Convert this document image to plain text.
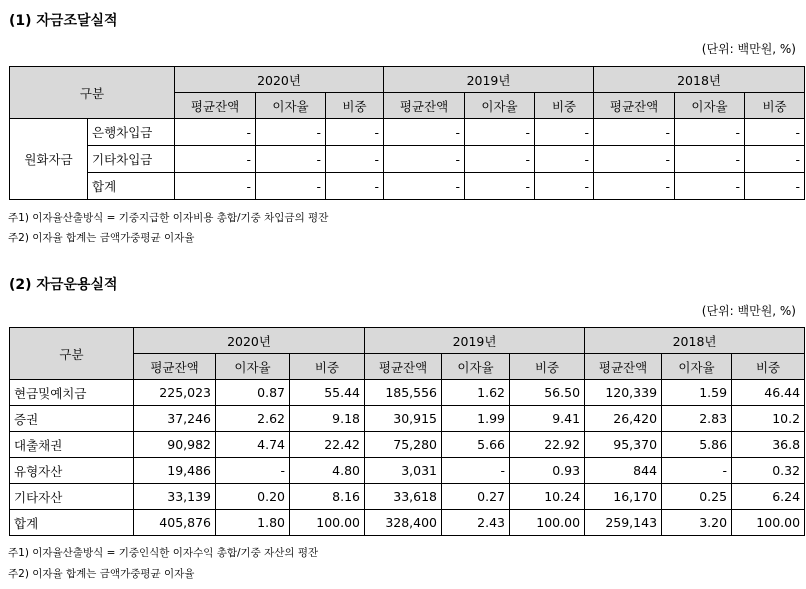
(1) 자금조달실적
(단위: 백만원, %)
구분		2020년			2019년			2018년		
		평균잔액	이자율	비중	평균잔액	이자율	비중	평균잔액	이자율	비중
원화자금	은행차입금	-	-	-	-	-	-	-	-	-
	기타차입금	-	-	-	-	-	-	-	-	-
	합계	-	-	-	-	-	-	-	-	-
주1) 이자율산출방식 = 기중지급한 이자비용 총합/기중 차입금의 평잔
주2) 이자율 합계는 금액가중평균 이자율
(2) 자금운용실적
(단위: 백만원, %)
구분	2020년			2019년			2018년		
	평균잔액	이자율	비중	평균잔액	이자율	비중	평균잔액	이자율	비중
현금및예치금	225,023	0.87	55.44	185,556	1.62	56.50	120,339	1.59	46.44
증권	37,246	2.62	9.18	30,915	1.99	9.41	26,420	2.83	10.2
대출채권	90,982	4.74	22.42	75,280	5.66	22.92	95,370	5.86	36.8
유형자산	19,486	-	4.80	3,031	-	0.93	844	-	0.32
기타자산	33,139	0.20	8.16	33,618	0.27	10.24	16,170	0.25	6.24
합계	405,876	1.80	100.00	328,400	2.43	100.00	259,143	3.20	100.00
주1) 이자율산출방식 = 기중인식한 이자수익 총합/기중 자산의 평잔
주2) 이자율 합계는 금액가중평균 이자율
